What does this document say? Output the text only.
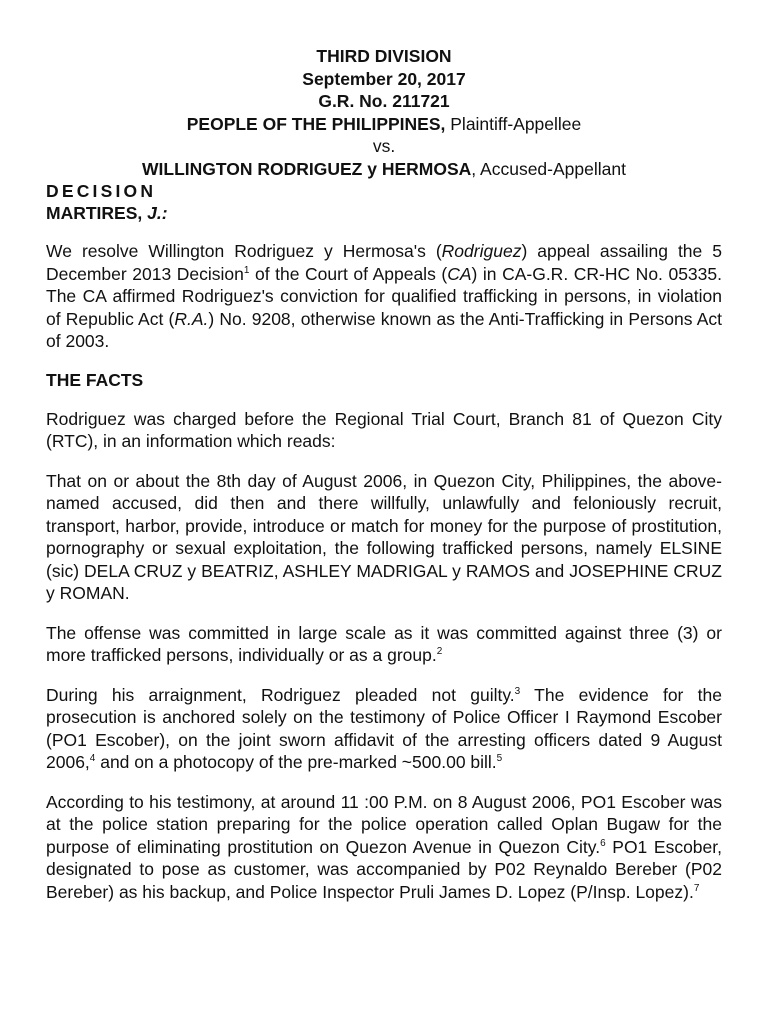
THIRD DIVISION
September 20, 2017
G.R. No. 211721
PEOPLE OF THE PHILIPPINES, Plaintiff-Appellee
vs.
WILLINGTON RODRIGUEZ y HERMOSA, Accused-Appellant
DECISION
MARTIRES, J.:

We resolve Willington Rodriguez y Hermosa's (Rodriguez) appeal assailing the 5 December 2013 Decision$^1$ of the Court of Appeals (CA) in CA-G.R. CR-HC No. 05335. The CA affirmed Rodriguez's conviction for qualified trafficking in persons, in violation of Republic Act (R.A.) No. 9208, otherwise known as the Anti-Trafficking in Persons Act of 2003.

THE FACTS

Rodriguez was charged before the Regional Trial Court, Branch 81 of Quezon City (RTC), in an information which reads:

That on or about the 8th day of August 2006, in Quezon City, Philippines, the above-named accused, did then and there willfully, unlawfully and feloniously recruit, transport, harbor, provide, introduce or match for money for the purpose of prostitution, pornography or sexual exploitation, the following trafficked persons, namely ELSINE (sic) DELA CRUZ y BEATRIZ, ASHLEY MADRIGAL y RAMOS and JOSEPHINE CRUZ y ROMAN.

The offense was committed in large scale as it was committed against three (3) or more trafficked persons, individually or as a group.$^2$

During his arraignment, Rodriguez pleaded not guilty.$^3$ The evidence for the prosecution is anchored solely on the testimony of Police Officer I Raymond Escober (PO1 Escober), on the joint sworn affidavit of the arresting officers dated 9 August 2006,$^4$ and on a photocopy of the pre-marked ~500.00 bill.$^5$

According to his testimony, at around 11 :00 P.M. on 8 August 2006, PO1 Escober was at the police station preparing for the police operation called Oplan Bugaw for the purpose of eliminating prostitution on Quezon Avenue in Quezon City.$^6$ PO1 Escober, designated to pose as customer, was accompanied by P02 Reynaldo Bereber (P02 Bereber) as his backup, and Police Inspector Pruli James D. Lopez (P/Insp. Lopez).$^7$
